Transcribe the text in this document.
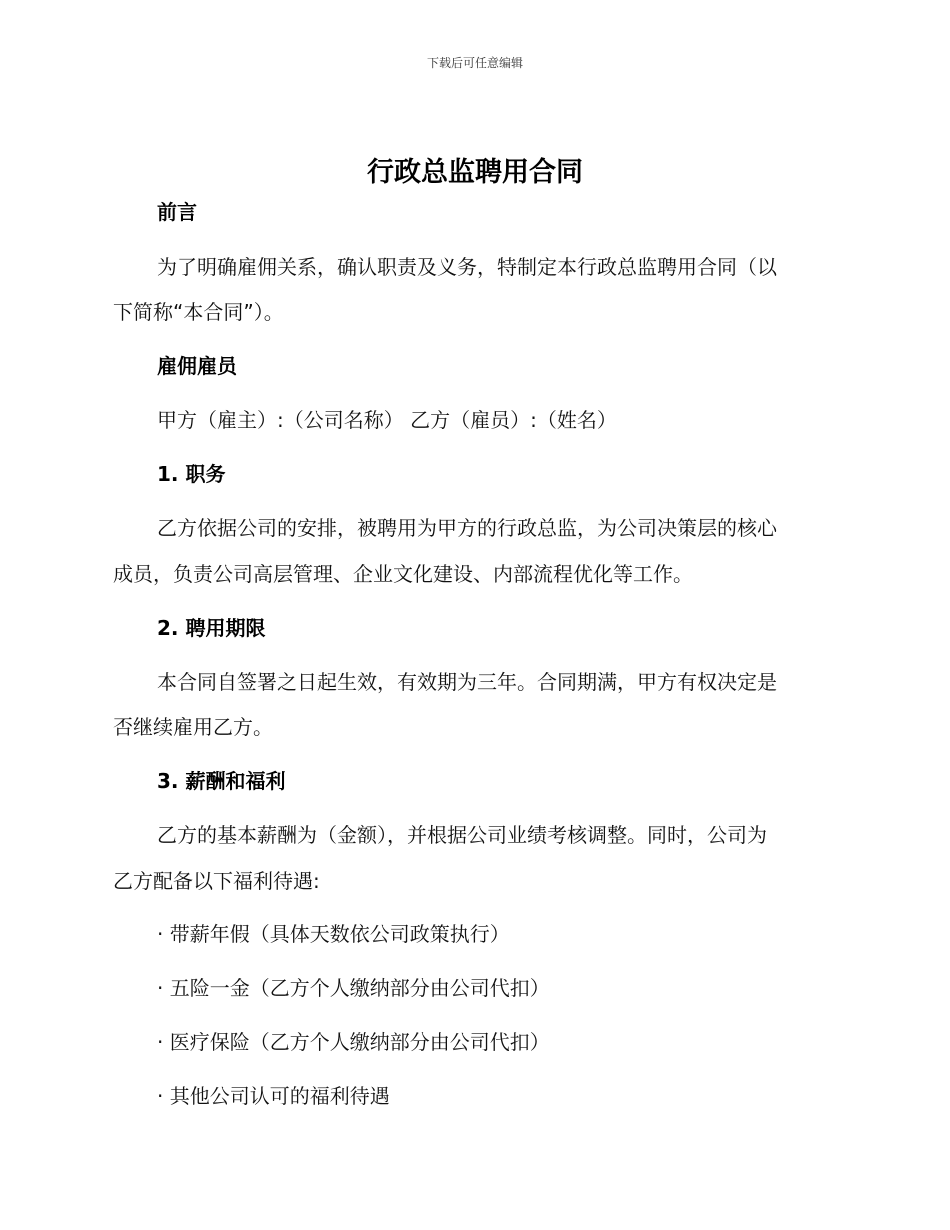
下载后可任意编辑
行政总监聘用合同
前言
为了明确雇佣关系，确认职责及义务，特制定本行政总监聘用合同（以
下简称“本合同”）。
雇佣雇员
甲方（雇主）:（公司名称） 乙方（雇员）:（姓名）
1. 职务
乙方依据公司的安排，被聘用为甲方的行政总监，为公司决策层的核心
成员，负责公司高层管理、企业文化建设、内部流程优化等工作。
2. 聘用期限
本合同自签署之日起生效，有效期为三年。合同期满，甲方有权决定是
否继续雇用乙方。
3. 薪酬和福利
乙方的基本薪酬为（金额），并根据公司业绩考核调整。同时，公司为
乙方配备以下福利待遇:
· 带薪年假（具体天数依公司政策执行）
· 五险一金（乙方个人缴纳部分由公司代扣）
· 医疗保险（乙方个人缴纳部分由公司代扣）
· 其他公司认可的福利待遇
